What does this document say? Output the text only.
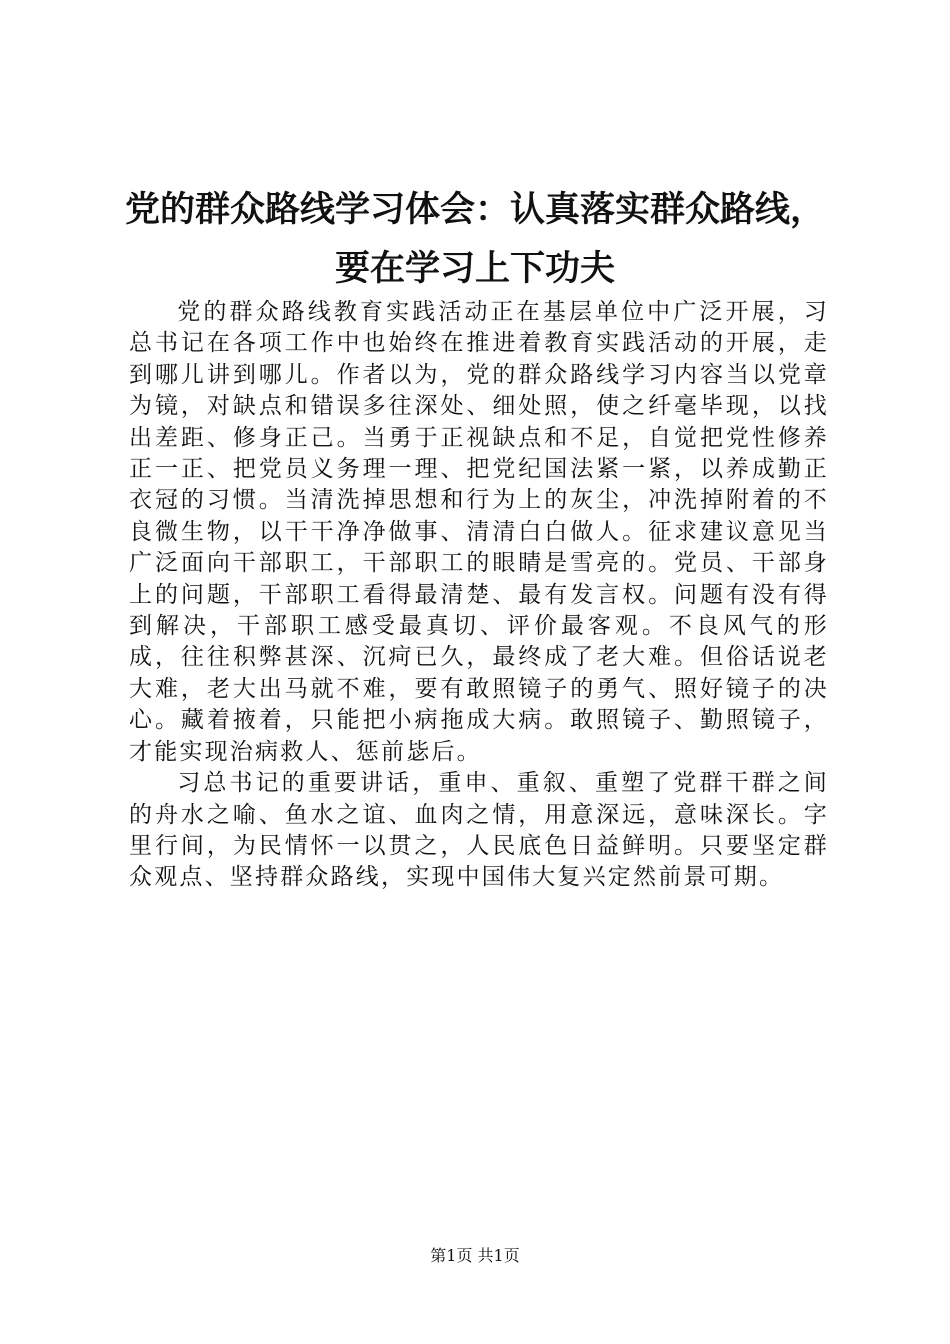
党的群众路线学习体会：认真落实群众路线，
要在学习上下功夫

党的群众路线教育实践活动正在基层单位中广泛开展，习总书记在各项工作中也始终在推进着教育实践活动的开展，走到哪儿讲到哪儿。作者以为，党的群众路线学习内容当以党章为镜，对缺点和错误多往深处、细处照，使之纤毫毕现，以找出差距、修身正己。当勇于正视缺点和不足，自觉把党性修养正一正、把党员义务理一理、把党纪国法紧一紧，以养成勤正衣冠的习惯。当清洗掉思想和行为上的灰尘，冲洗掉附着的不良微生物，以干干净净做事、清清白白做人。征求建议意见当广泛面向干部职工，干部职工的眼睛是雪亮的。党员、干部身上的问题，干部职工看得最清楚、最有发言权。问题有没有得到解决，干部职工感受最真切、评价最客观。不良风气的形成，往往积弊甚深、沉疴已久，最终成了老大难。但俗话说老大难，老大出马就不难，要有敢照镜子的勇气、照好镜子的决心。藏着掖着，只能把小病拖成大病。敢照镜子、勤照镜子，才能实现治病救人、惩前毖后。

习总书记的重要讲话，重申、重叙、重塑了党群干群之间的舟水之喻、鱼水之谊、血肉之情，用意深远，意味深长。字里行间，为民情怀一以贯之，人民底色日益鲜明。只要坚定群众观点、坚持群众路线，实现中国伟大复兴定然前景可期。

第1页 共1页
